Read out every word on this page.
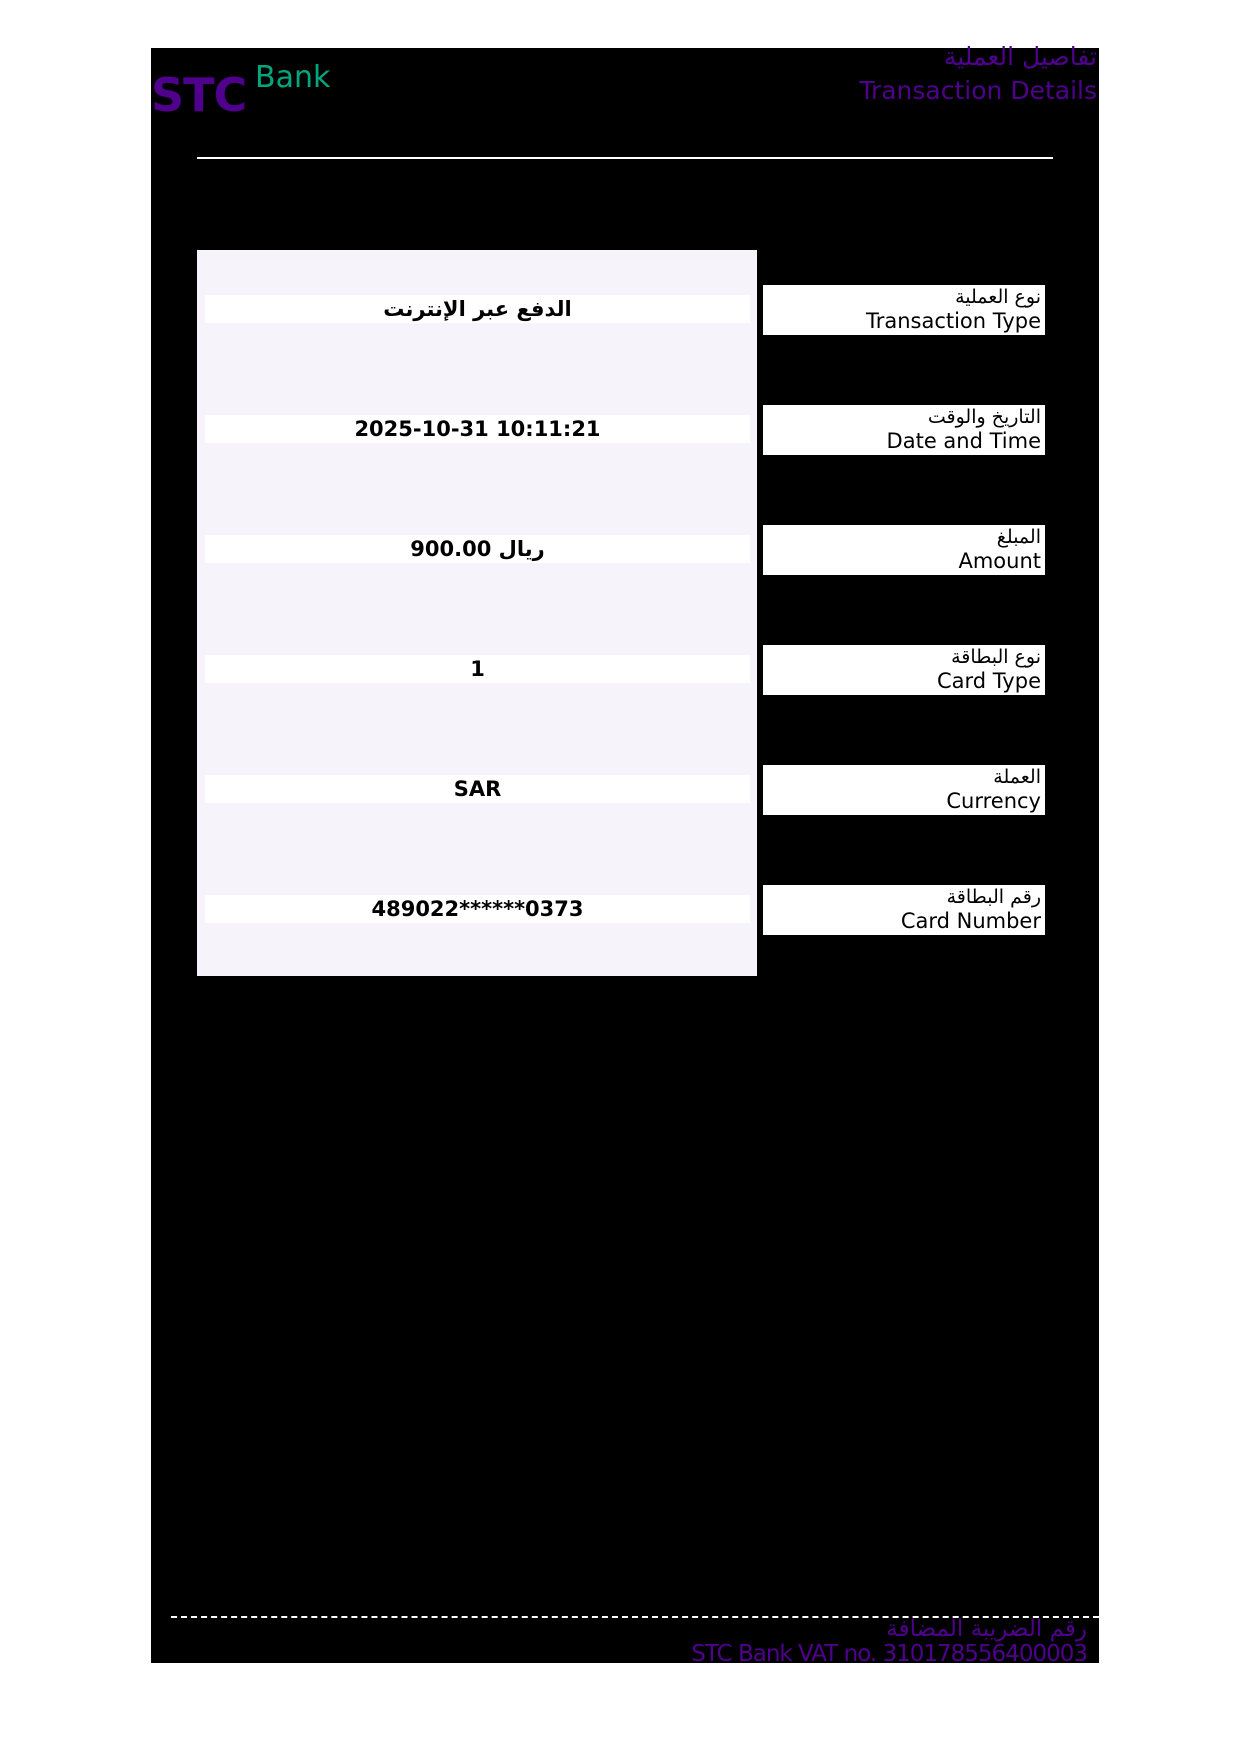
STC Bank
تفاصيل العملية
Transaction Details
الدفع عبر الإنترنت
2025-10-31 10:11:21
900.00 ريال
1
SAR
489022******0373
نوع العملية
Transaction Type
التاريخ والوقت
Date and Time
المبلغ
Amount
نوع البطاقة
Card Type
العملة
Currency
رقم البطاقة
Card Number
رقم الضريبة المضافة
STC Bank VAT no. 310178556400003
